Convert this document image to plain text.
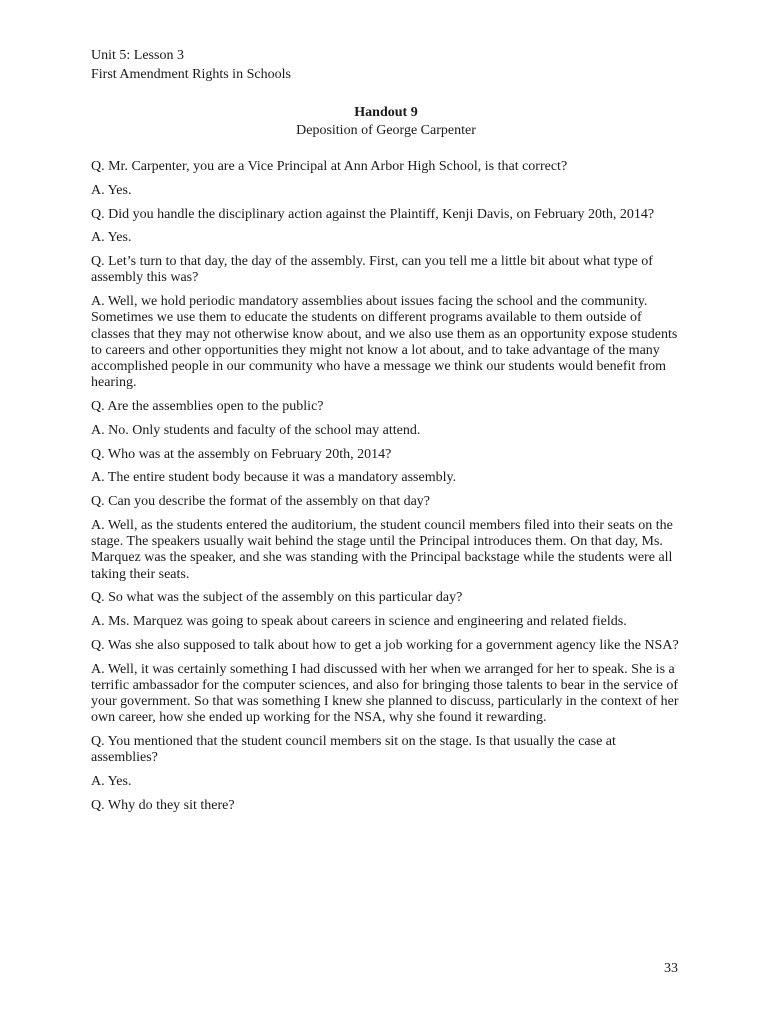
Unit 5: Lesson 3

First Amendment Rights in Schools

Handout 9
Deposition of George Carpenter

Q. Mr. Carpenter, you are a Vice Principal at Ann Arbor High School, is that correct?

A. Yes.

Q. Did you handle the disciplinary action against the Plaintiff, Kenji Davis, on February 20th, 2014?

A. Yes.

Q. Let’s turn to that day, the day of the assembly. First, can you tell me a little bit about what type of assembly this was?

A. Well, we hold periodic mandatory assemblies about issues facing the school and the community. Sometimes we use them to educate the students on different programs available to them outside of classes that they may not otherwise know about, and we also use them as an opportunity expose students to careers and other opportunities they might not know a lot about, and to take advantage of the many accomplished people in our community who have a message we think our students would benefit from hearing.

Q. Are the assemblies open to the public?

A. No. Only students and faculty of the school may attend.

Q. Who was at the assembly on February 20th, 2014?

A. The entire student body because it was a mandatory assembly.

Q. Can you describe the format of the assembly on that day?

A. Well, as the students entered the auditorium, the student council members filed into their seats on the stage. The speakers usually wait behind the stage until the Principal introduces them. On that day, Ms. Marquez was the speaker, and she was standing with the Principal backstage while the students were all taking their seats.

Q. So what was the subject of the assembly on this particular day?

A. Ms. Marquez was going to speak about careers in science and engineering and related fields.

Q. Was she also supposed to talk about how to get a job working for a government agency like the NSA?

A. Well, it was certainly something I had discussed with her when we arranged for her to speak. She is a terrific ambassador for the computer sciences, and also for bringing those talents to bear in the service of your government. So that was something I knew she planned to discuss, particularly in the context of her own career, how she ended up working for the NSA, why she found it rewarding.

Q. You mentioned that the student council members sit on the stage. Is that usually the case at assemblies?

A. Yes.

Q. Why do they sit there?

33
